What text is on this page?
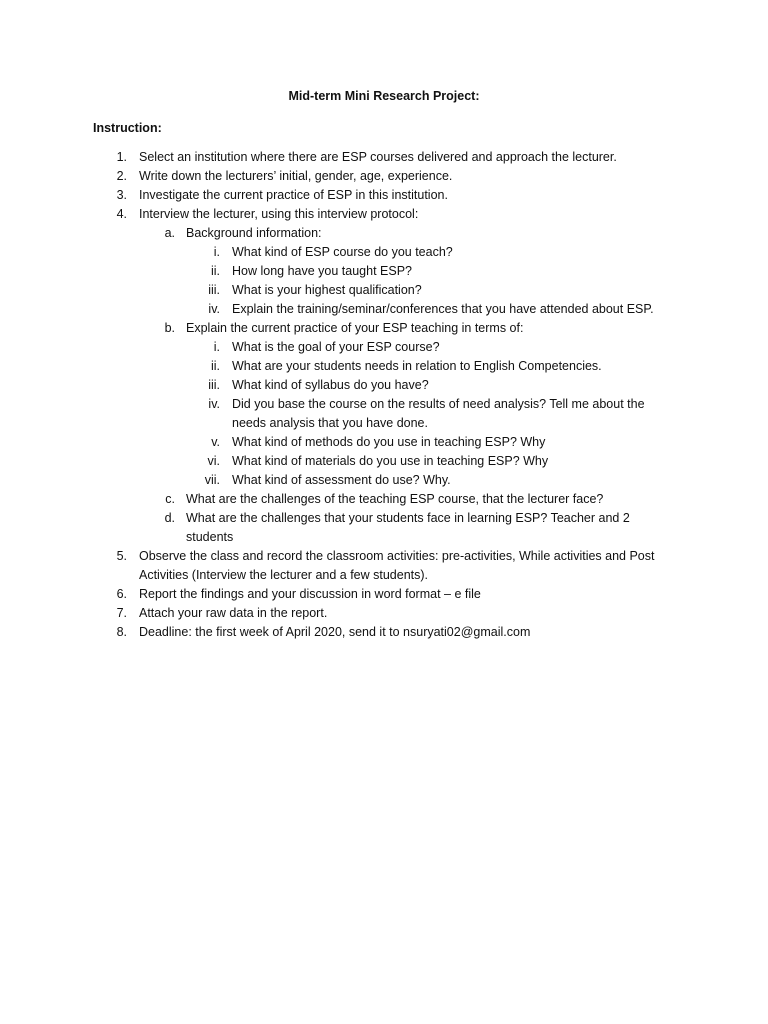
Mid-term Mini Research Project:
Instruction:
1. Select an institution where there are ESP courses delivered and approach the lecturer.
2. Write down the lecturers’ initial, gender, age, experience.
3. Investigate the current practice of ESP in this institution.
4. Interview the lecturer, using this interview protocol:
a. Background information:
i. What kind of ESP course do you teach?
ii. How long have you taught ESP?
iii. What is your highest qualification?
iv. Explain the training/seminar/conferences that you have attended about ESP.
b. Explain the current practice of your ESP teaching in terms of:
i. What is the goal of your ESP course?
ii. What are your students needs in relation to English Competencies.
iii. What kind of syllabus do you have?
iv. Did you base the course on the results of need analysis? Tell me about the
needs analysis that you have done.
v. What kind of methods do you use in teaching ESP? Why
vi. What kind of materials do you use in teaching ESP? Why
vii. What kind of assessment do use? Why.
c. What are the challenges of the teaching ESP course, that the lecturer face?
d. What are the challenges that your students face in learning ESP? Teacher and 2
students
5. Observe the class and record the classroom activities: pre-activities, While activities and Post
Activities (Interview the lecturer and a few students).
6. Report the findings and your discussion in word format – e file
7. Attach your raw data in the report.
8. Deadline: the first week of April 2020, send it to nsuryati02@gmail.com
